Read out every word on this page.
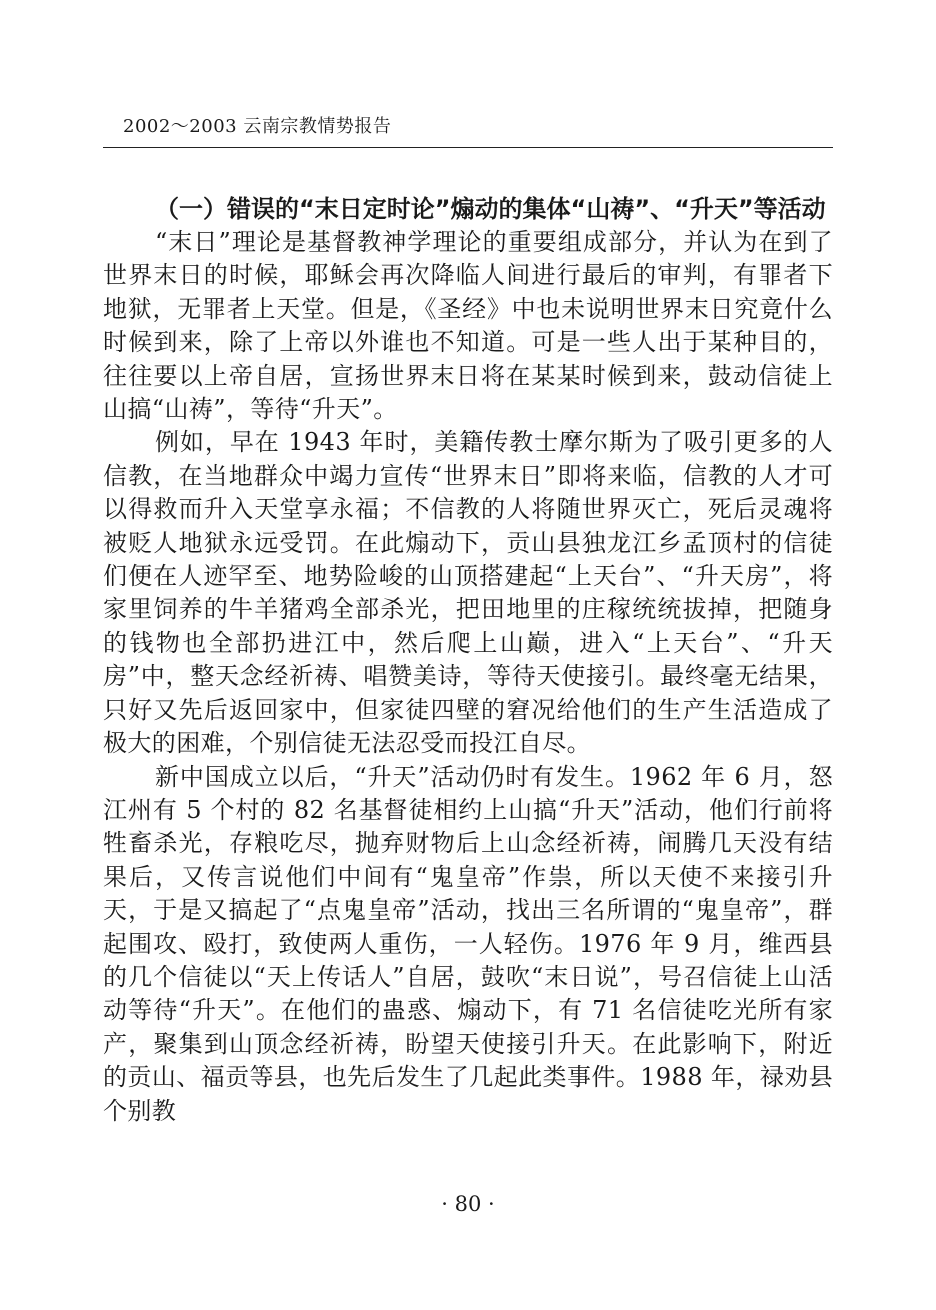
2002～2003 云南宗教情势报告

（一）错误的“末日定时论”煽动的集体“山祷”、“升天”等活动

“末日”理论是基督教神学理论的重要组成部分，并认为在到了世界末日的时候，耶稣会再次降临人间进行最后的审判，有罪者下地狱，无罪者上天堂。但是，《圣经》中也未说明世界末日究竟什么时候到来，除了上帝以外谁也不知道。可是一些人出于某种目的，往往要以上帝自居，宣扬世界末日将在某某时候到来，鼓动信徒上山搞“山祷”，等待“升天”。

例如，早在 1943 年时，美籍传教士摩尔斯为了吸引更多的人信教，在当地群众中竭力宣传“世界末日”即将来临，信教的人才可以得救而升入天堂享永福；不信教的人将随世界灭亡，死后灵魂将被贬人地狱永远受罚。在此煽动下，贡山县独龙江乡孟顶村的信徒们便在人迹罕至、地势险峻的山顶搭建起“上天台”、“升天房”，将家里饲养的牛羊猪鸡全部杀光，把田地里的庄稼统统拔掉，把随身的钱物也全部扔进江中，然后爬上山巅，进入“上天台”、“升天房”中，整天念经祈祷、唱赞美诗，等待天使接引。最终毫无结果，只好又先后返回家中，但家徒四壁的窘况给他们的生产生活造成了极大的困难，个别信徒无法忍受而投江自尽。

新中国成立以后，“升天”活动仍时有发生。1962 年 6 月，怒江州有 5 个村的 82 名基督徒相约上山搞“升天”活动，他们行前将牲畜杀光，存粮吃尽，抛弃财物后上山念经祈祷，闹腾几天没有结果后，又传言说他们中间有“鬼皇帝”作祟，所以天使不来接引升天，于是又搞起了“点鬼皇帝”活动，找出三名所谓的“鬼皇帝”，群起围攻、殴打，致使两人重伤，一人轻伤。1976 年 9 月，维西县的几个信徒以“天上传话人”自居，鼓吹“末日说”，号召信徒上山活动等待“升天”。在他们的蛊惑、煽动下，有 71 名信徒吃光所有家产，聚集到山顶念经祈祷，盼望天使接引升天。在此影响下，附近的贡山、福贡等县，也先后发生了几起此类事件。1988 年，禄劝县个别教

· 80 ·
